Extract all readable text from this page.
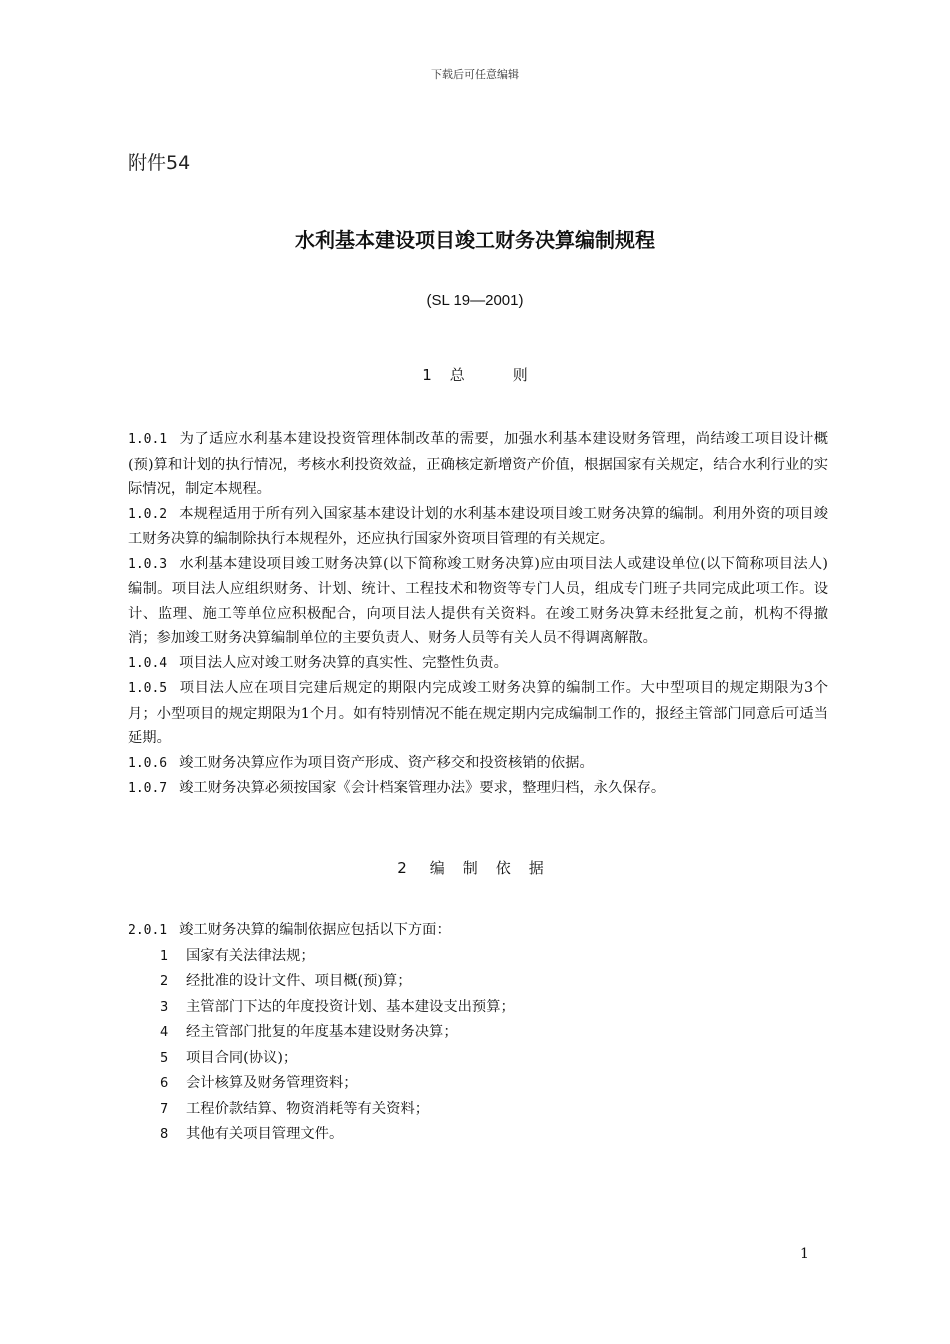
下载后可任意编辑
附件54
水利基本建设项目竣工财务决算编制规程
(SL 19—2001)
1 总	则

1.0.1 为了适应水利基本建设投资管理体制改革的需要，加强水利基本建设财务管理，尚结竣工项目设计概(预)算和计划的执行情况，考核水利投资效益，正确核定新增资产价值，根据国家有关规定，结合水利行业的实际情况，制定本规程。

1.0.2 本规程适用于所有列入国家基本建设计划的水利基本建设项目竣工财务决算的编制。利用外资的项目竣工财务决算的编制除执行本规程外，还应执行国家外资项目管理的有关规定。

1.0.3 水利基本建设项目竣工财务决算(以下简称竣工财务决算)应由项目法人或建设单位(以下简称项目法人)编制。项目法人应组织财务、计划、统计、工程技术和物资等专门人员，组成专门班子共同完成此项工作。设计、监理、施工等单位应积极配合，向项目法人提供有关资料。在竣工财务决算未经批复之前，机构不得撤消；参加竣工财务决算编制单位的主要负责人、财务人员等有关人员不得调离解散。

1.0.4 项目法人应对竣工财务决算的真实性、完整性负责。

1.0.5 项目法人应在项目完建后规定的期限内完成竣工财务决算的编制工作。大中型项目的规定期限为3个月；小型项目的规定期限为1个月。如有特别情况不能在规定期内完成编制工作的，报经主管部门同意后可适当延期。

1.0.6 竣工财务决算应作为项目资产形成、资产移交和投资核销的依据。

1.0.7 竣工财务决算必须按国家《会计档案管理办法》要求，整理归档，永久保存。

2 编 制 依 据

2.0.1 竣工财务决算的编制依据应包括以下方面：

1 国家有关法律法规；

2 经批准的设计文件、项目概(预)算；

3 主管部门下达的年度投资计划、基本建设支出预算；

4 经主管部门批复的年度基本建设财务决算；

5 项目合同(协议)；

6 会计核算及财务管理资料；

7 工程价款结算、物资消耗等有关资料；

8 其他有关项目管理文件。

1
